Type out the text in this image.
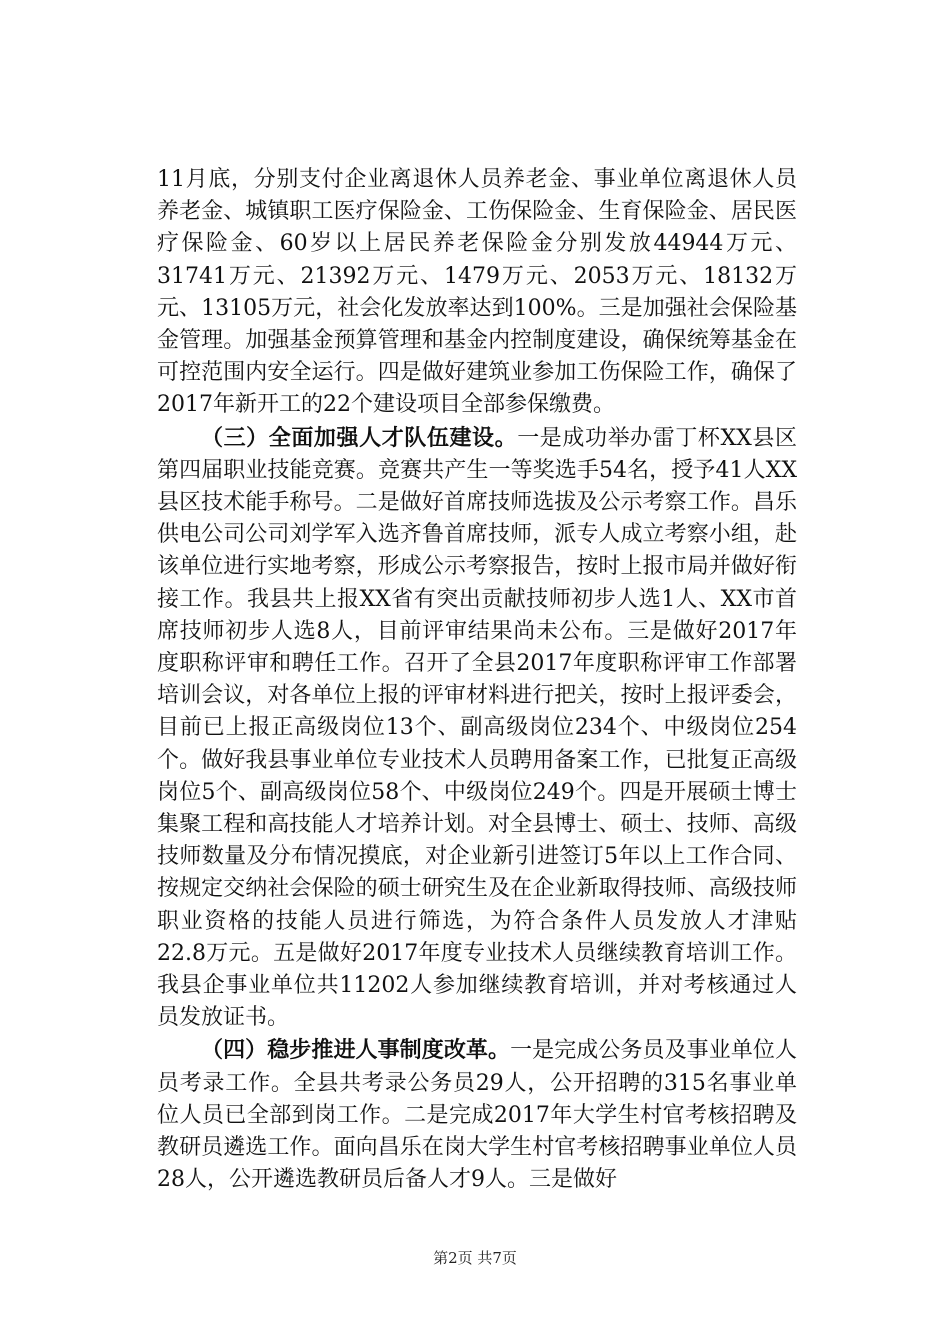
11月底，分别支付企业离退休人员养老金、事业单位离退休人员养老金、城镇职工医疗保险金、工伤保险金、生育保险金、居民医疗保险金、60岁以上居民养老保险金分别发放44944万元、31741万元、21392万元、1479万元、2053万元、18132万元、13105万元，社会化发放率达到100%。三是加强社会保险基金管理。加强基金预算管理和基金内控制度建设，确保统筹基金在可控范围内安全运行。四是做好建筑业参加工伤保险工作，确保了2017年新开工的22个建设项目全部参保缴费。

（三）全面加强人才队伍建设。一是成功举办雷丁杯XX县区第四届职业技能竞赛。竞赛共产生一等奖选手54名，授予41人XX县区技术能手称号。二是做好首席技师选拔及公示考察工作。昌乐供电公司公司刘学军入选齐鲁首席技师，派专人成立考察小组，赴该单位进行实地考察，形成公示考察报告，按时上报市局并做好衔接工作。我县共上报XX省有突出贡献技师初步人选1人、XX市首席技师初步人选8人，目前评审结果尚未公布。三是做好2017年度职称评审和聘任工作。召开了全县2017年度职称评审工作部署培训会议，对各单位上报的评审材料进行把关，按时上报评委会，目前已上报正高级岗位13个、副高级岗位234个、中级岗位254个。做好我县事业单位专业技术人员聘用备案工作，已批复正高级岗位5个、副高级岗位58个、中级岗位249个。四是开展硕士博士集聚工程和高技能人才培养计划。对全县博士、硕士、技师、高级技师数量及分布情况摸底，对企业新引进签订5年以上工作合同、按规定交纳社会保险的硕士研究生及在企业新取得技师、高级技师职业资格的技能人员进行筛选，为符合条件人员发放人才津贴22.8万元。五是做好2017年度专业技术人员继续教育培训工作。我县企事业单位共11202人参加继续教育培训，并对考核通过人员发放证书。

（四）稳步推进人事制度改革。一是完成公务员及事业单位人员考录工作。全县共考录公务员29人，公开招聘的315名事业单位人员已全部到岗工作。二是完成2017年大学生村官考核招聘及教研员遴选工作。面向昌乐在岗大学生村官考核招聘事业单位人员28人，公开遴选教研员后备人才9人。三是做好

第2页 共7页
